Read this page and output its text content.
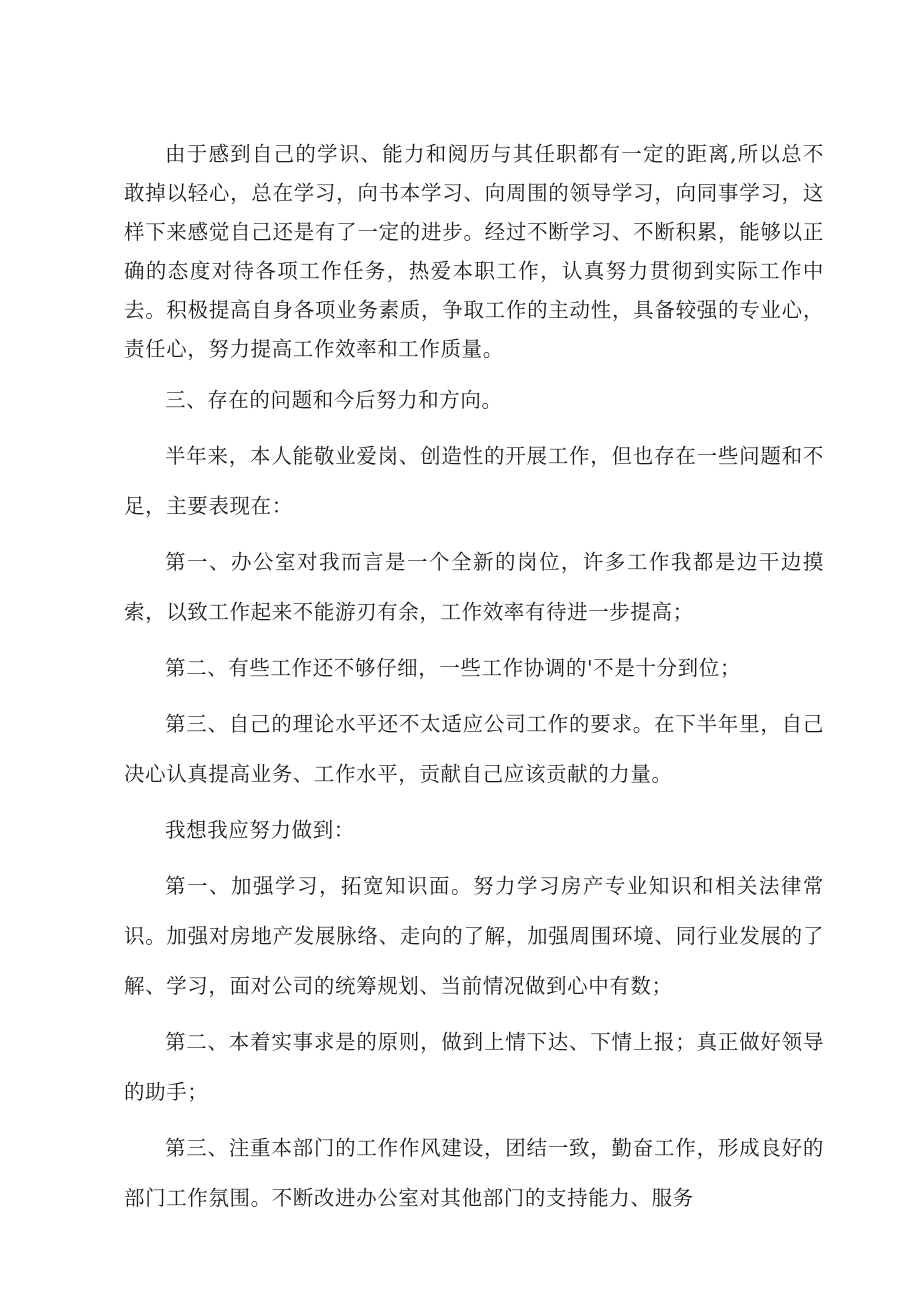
由于感到自己的学识、能力和阅历与其任职都有一定的距离,所以总不敢掉以轻心，总在学习，向书本学习、向周围的领导学习，向同事学习，这样下来感觉自己还是有了一定的进步。经过不断学习、不断积累，能够以正确的态度对待各项工作任务，热爱本职工作，认真努力贯彻到实际工作中去。积极提高自身各项业务素质，争取工作的主动性，具备较强的专业心，责任心，努力提高工作效率和工作质量。

三、存在的问题和今后努力和方向。

半年来，本人能敬业爱岗、创造性的开展工作，但也存在一些问题和不足，主要表现在：

第一、办公室对我而言是一个全新的岗位，许多工作我都是边干边摸索，以致工作起来不能游刃有余，工作效率有待进一步提高；

第二、有些工作还不够仔细，一些工作协调的'不是十分到位；

第三、自己的理论水平还不太适应公司工作的要求。在下半年里，自己决心认真提高业务、工作水平，贡献自己应该贡献的力量。

我想我应努力做到：

第一、加强学习，拓宽知识面。努力学习房产专业知识和相关法律常识。加强对房地产发展脉络、走向的了解，加强周围环境、同行业发展的了解、学习，面对公司的统筹规划、当前情况做到心中有数；

第二、本着实事求是的原则，做到上情下达、下情上报；真正做好领导的助手；

第三、注重本部门的工作作风建设，团结一致，勤奋工作，形成良好的部门工作氛围。不断改进办公室对其他部门的支持能力、服务
